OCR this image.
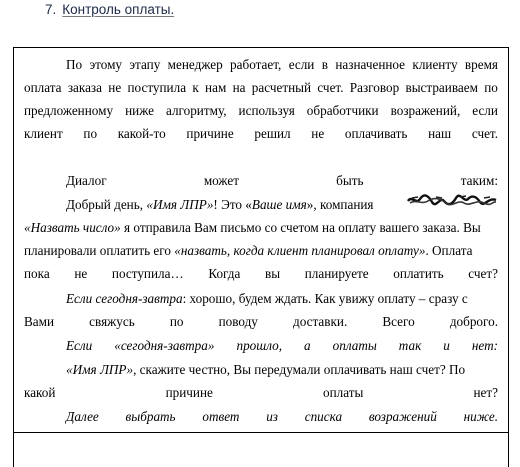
7. Контроль оплаты.
По этому этапу менеджер работает, если в назначенное клиенту время
оплата заказа не поступила к нам на расчетный счет. Разговор выстраиваем по
предложенному ниже алгоритму, используя обработчики возражений, если
клиент по какой-то причине решил не оплачивать наш счет.
Диалог может быть таким:
Добрый день, «Имя ЛПР» ! Это « Ваше имя », компания
«Назвать число» я отправила Вам письмо со счетом на оплату вашего заказа. Вы
планировали оплатить его «назвать, когда клиент планировал оплату» . Оплата
пока не поступила… Когда вы планируете оплатить счет?
Если сегодня-завтра : хорошо, будем ждать. Как увижу оплату – сразу с
Вами свяжусь по поводу доставки. Всего доброго.
Если «сегодня-завтра» прошло, а оплаты так и нет:
«Имя ЛПР» , скажите честно, Вы передумали оплачивать наш счет? По
какой причине оплаты нет?
Далее выбрать ответ из списка возражений ниже.
